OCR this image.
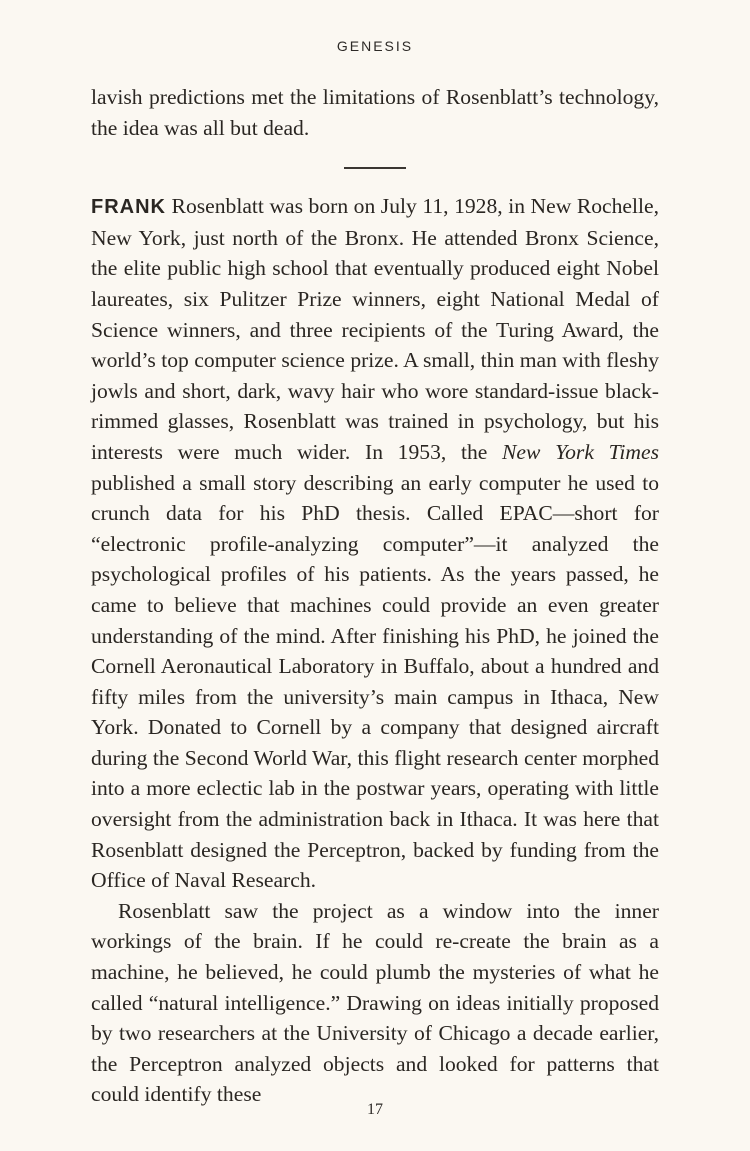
GENESIS

lavish predictions met the limitations of Rosenblatt’s technology, the idea was all but dead.

FRANK Rosenblatt was born on July 11, 1928, in New Rochelle, New York, just north of the Bronx. He attended Bronx Science, the elite public high school that eventually produced eight Nobel laureates, six Pulitzer Prize winners, eight National Medal of Science winners, and three recipients of the Turing Award, the world’s top computer science prize. A small, thin man with fleshy jowls and short, dark, wavy hair who wore standard-issue black-rimmed glasses, Rosenblatt was trained in psychology, but his interests were much wider. In 1953, the New York Times published a small story describing an early computer he used to crunch data for his PhD thesis. Called EPAC—short for “electronic profile-analyzing computer”—it analyzed the psychological profiles of his patients. As the years passed, he came to believe that machines could provide an even greater understanding of the mind. After finishing his PhD, he joined the Cornell Aeronautical Laboratory in Buffalo, about a hundred and fifty miles from the university’s main campus in Ithaca, New York. Donated to Cornell by a company that designed aircraft during the Second World War, this flight research center morphed into a more eclectic lab in the postwar years, operating with little oversight from the administration back in Ithaca. It was here that Rosenblatt designed the Perceptron, backed by funding from the Office of Naval Research.

Rosenblatt saw the project as a window into the inner workings of the brain. If he could re-create the brain as a machine, he believed, he could plumb the mysteries of what he called “natural intelligence.” Drawing on ideas initially proposed by two researchers at the University of Chicago a decade earlier, the Perceptron analyzed objects and looked for patterns that could identify these

17
